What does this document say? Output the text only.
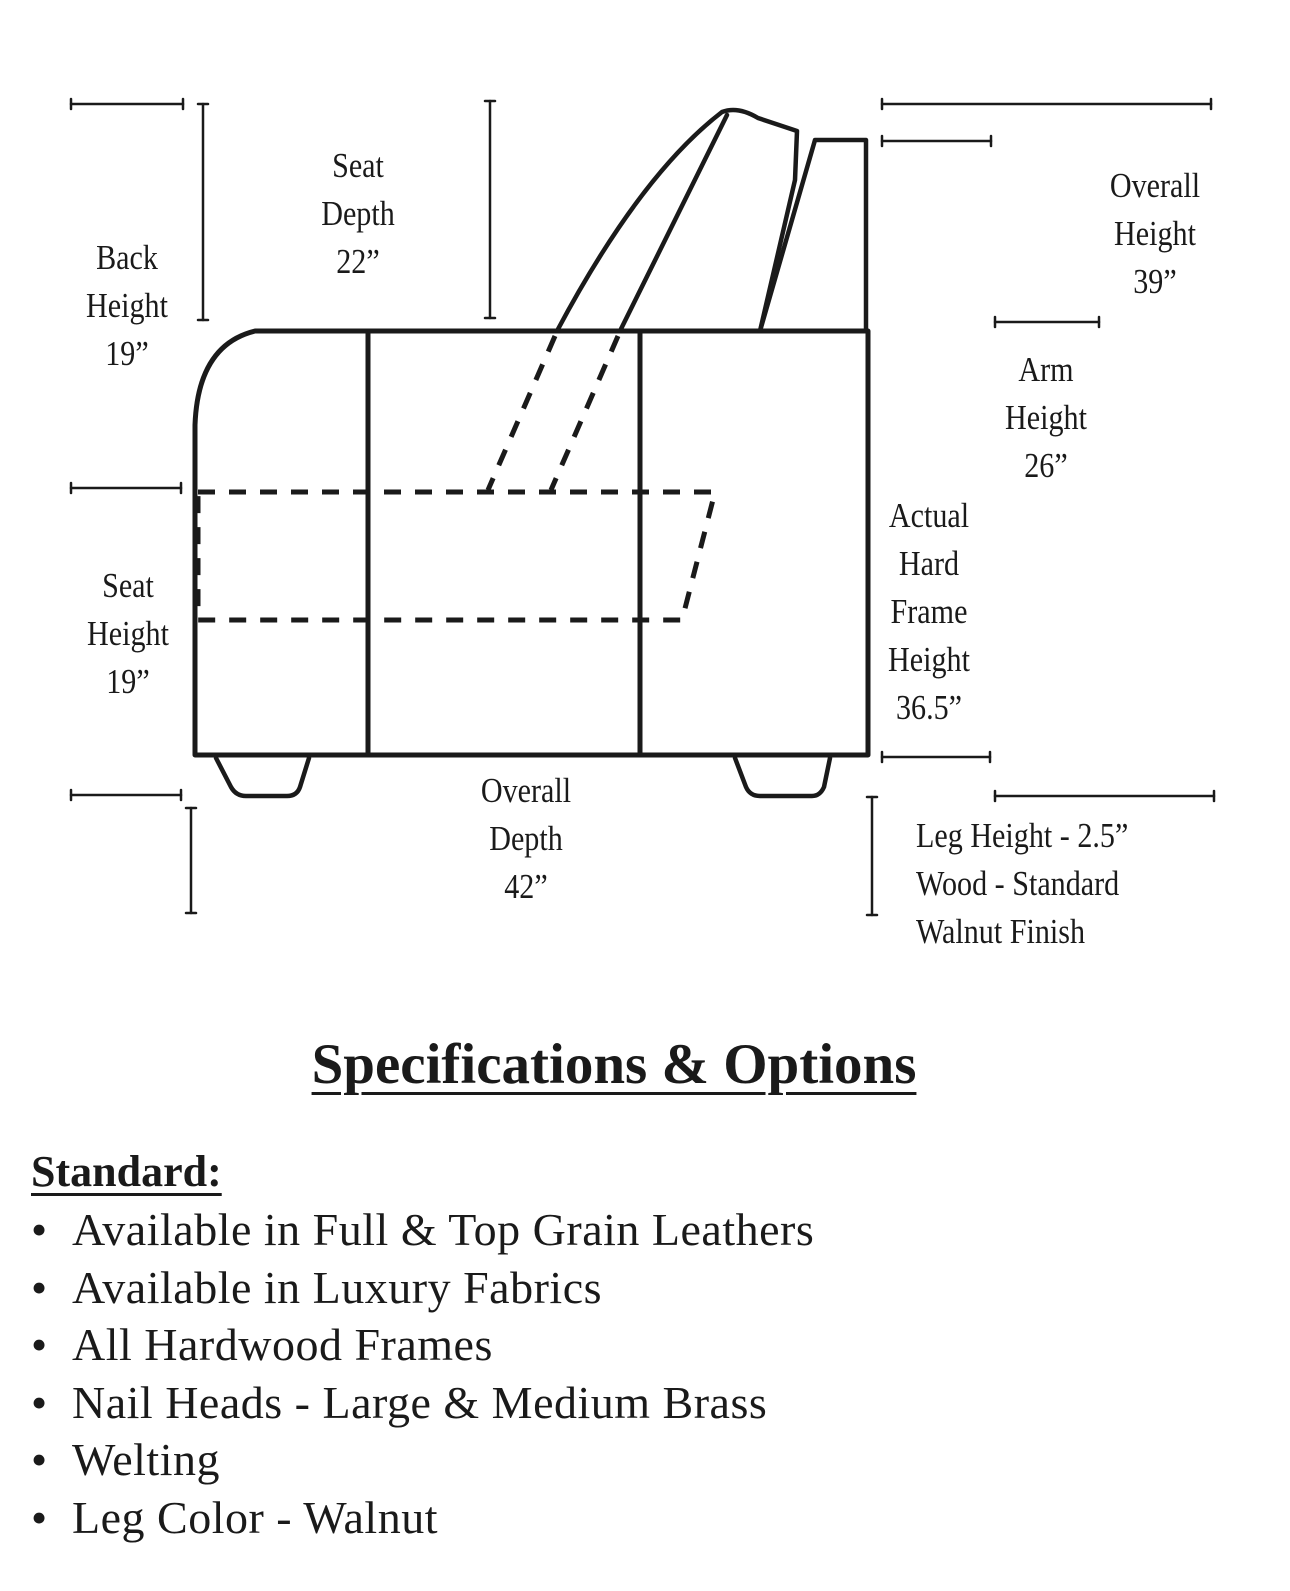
Back
Height
19”
Seat
Depth
22”
Overall
Height
39”
Arm
Height
26”
Seat
Height
19”
Actual
Hard
Frame
Height
36.5”
Overall
Depth
42”
Leg Height - 2.5”
Wood - Standard
Walnut Finish
Specifications & Options
Standard:
• Available in Full & Top Grain Leathers
• Available in Luxury Fabrics
• All Hardwood Frames
• Nail Heads - Large & Medium Brass
• Welting
• Leg Color - Walnut
